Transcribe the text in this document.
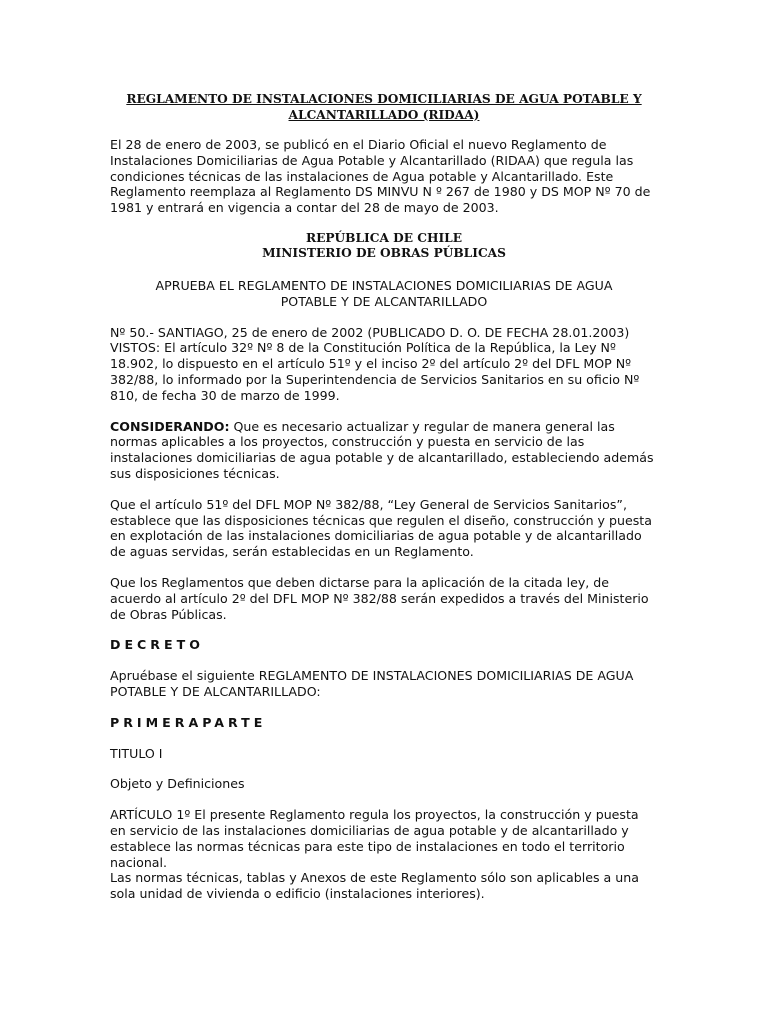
REGLAMENTO DE INSTALACIONES DOMICILIARIAS DE AGUA POTABLE Y
ALCANTARILLADO (RIDAA)

El 28 de enero de 2003, se publicó en el Diario Oficial el nuevo Reglamento de Instalaciones Domiciliarias de Agua Potable y Alcantarillado (RIDAA) que regula las condiciones técnicas de las instalaciones de Agua potable y Alcantarillado. Este Reglamento reemplaza al Reglamento DS MINVU N º 267 de 1980 y DS MOP Nº 70 de 1981 y entrará en vigencia a contar del 28 de mayo de 2003.

REPÚBLICA DE CHILE
MINISTERIO DE OBRAS PÚBLICAS
APRUEBA EL REGLAMENTO DE INSTALACIONES DOMICILIARIAS DE AGUA
POTABLE Y DE ALCANTARILLADO

Nº 50.- SANTIAGO, 25 de enero de 2002 (PUBLICADO D. O. DE FECHA 28.01.2003) VISTOS: El artículo 32º Nº 8 de la Constitución Política de la República, la Ley Nº 18.902, lo dispuesto en el artículo 51º y el inciso 2º del artículo 2º del DFL MOP Nº 382/88, lo informado por la Superintendencia de Servicios Sanitarios en su oficio Nº 810, de fecha 30 de marzo de 1999.

CONSIDERANDO: Que es necesario actualizar y regular de manera general las normas aplicables a los proyectos, construcción y puesta en servicio de las instalaciones domiciliarias de agua potable y de alcantarillado, estableciendo además sus disposiciones técnicas.

Que el artículo 51º del DFL MOP Nº 382/88, “Ley General de Servicios Sanitarios”, establece que las disposiciones técnicas que regulen el diseño, construcción y puesta en explotación de las instalaciones domiciliarias de agua potable y de alcantarillado de aguas servidas, serán establecidas en un Reglamento.

Que los Reglamentos que deben dictarse para la aplicación de la citada ley, de acuerdo al artículo 2º del DFL MOP Nº 382/88 serán expedidos a través del Ministerio de Obras Públicas.

DECRETO

Apruébase el siguiente REGLAMENTO DE INSTALACIONES DOMICILIARIAS DE AGUA POTABLE Y DE ALCANTARILLADO:

PRIMERAPARTE

TITULO I

Objeto y Definiciones

ARTÍCULO 1º El presente Reglamento regula los proyectos, la construcción y puesta en servicio de las instalaciones domiciliarias de agua potable y de alcantarillado y establece las normas técnicas para este tipo de instalaciones en todo el territorio nacional.

Las normas técnicas, tablas y Anexos de este Reglamento sólo son aplicables a una sola unidad de vivienda o edificio (instalaciones interiores).
